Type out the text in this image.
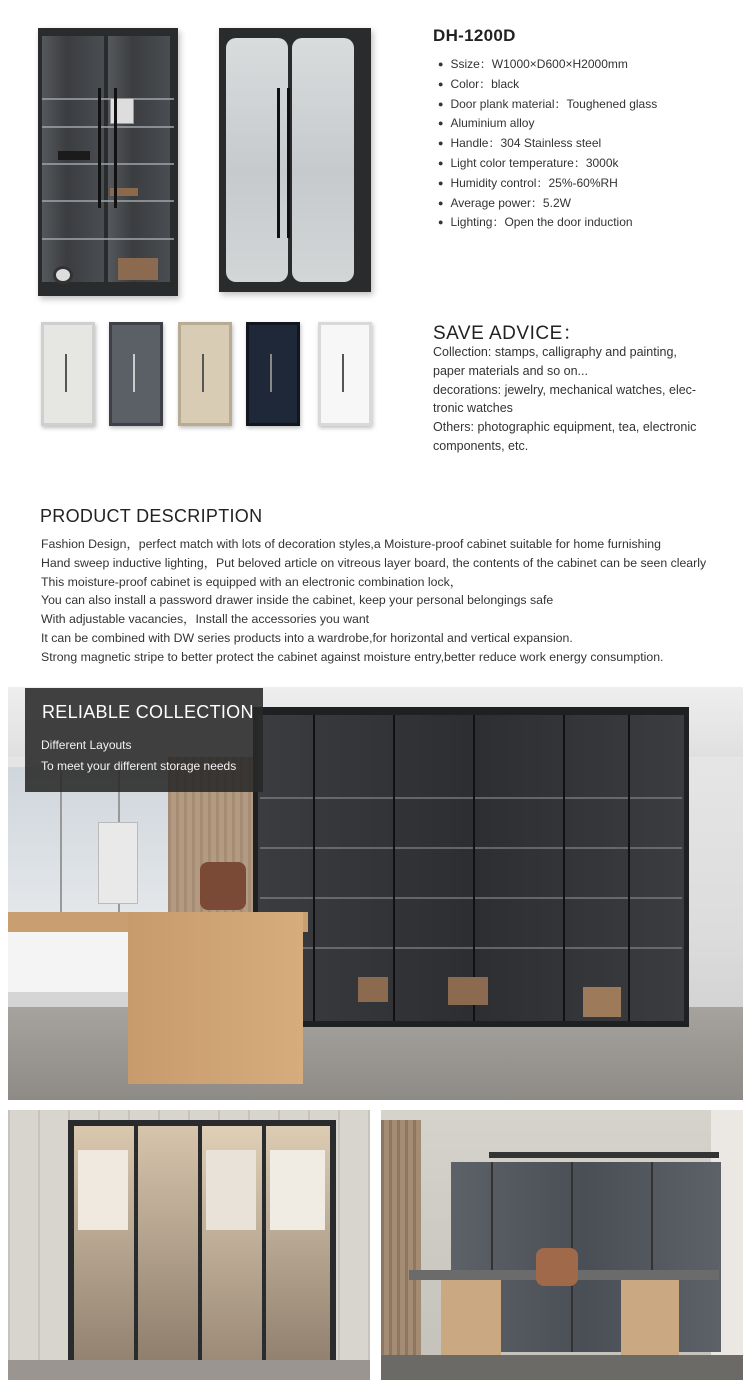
DH-1200D
● Ssize：W1000×D600×H2000mm
● Color：black
● Door plank material：Toughened glass
● Aluminium alloy
● Handle：304 Stainless steel
● Light color temperature：3000k
● Humidity control：25%-60%RH
● Average power：5.2W
● Lighting：Open the door induction
SAVE ADVICE：
Collection: stamps, calligraphy and painting,
paper materials and so on...
decorations: jewelry, mechanical watches, elec-
tronic watches
Others: photographic equipment, tea, electronic
components, etc.
PRODUCT DESCRIPTION
Fashion Design，perfect match with lots of decoration styles,a Moisture-proof cabinet suitable for home furnishing
Hand sweep inductive lighting，Put beloved article on vitreous layer board, the contents of the cabinet can be seen clearly
This moisture-proof cabinet is equipped with an electronic combination lock，
You can also install a password drawer inside the cabinet, keep your personal belongings safe
With adjustable vacancies，Install the accessories you want
It can be combined with DW series products into a wardrobe,for horizontal and vertical expansion.
Strong magnetic stripe to better protect the cabinet against moisture entry,better reduce work energy consumption.
RELIABLE COLLECTION
Different Layouts
To meet your different storage needs
